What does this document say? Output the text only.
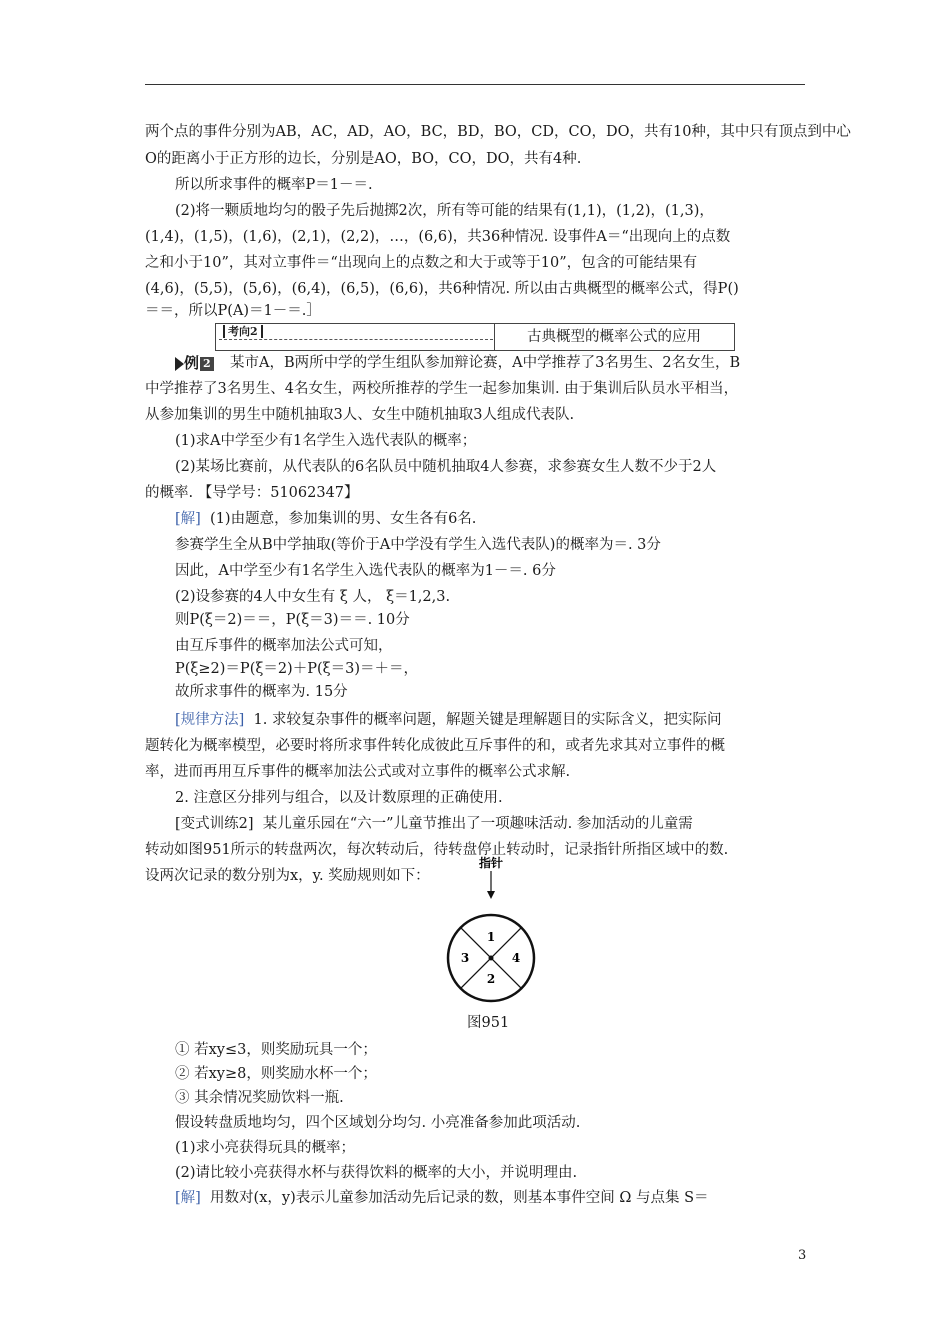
两个点的事件分别为AB，AC，AD，AO，BC，BD，BO，CD，CO，DO，共有10种，其中只有顶点到中心
O的距离小于正方形的边长，分别是AO，BO，CO，DO，共有4种.
所以所求事件的概率P＝1－＝.
(2)将一颗质地均匀的骰子先后抛掷2次，所有等可能的结果有(1,1)，(1,2)，(1,3)，
(1,4)，(1,5)，(1,6)，(2,1)，(2,2)，…，(6,6)，共36种情况. 设事件A＝“出现向上的点数
之和小于10”，其对立事件＝“出现向上的点数之和大于或等于10”，包含的可能结果有
(4,6)，(5,5)，(5,6)，(6,4)，(6,5)，(6,6)，共6种情况. 所以由古典概型的概率公式，得P()
＝＝，所以P(A)＝1－＝.］
考向2	古典概型的概率公式的应用
例 2 某市A，B两所中学的学生组队参加辩论赛，A中学推荐了3名男生、2名女生，B
中学推荐了3名男生、4名女生，两校所推荐的学生一起参加集训. 由于集训后队员水平相当，
从参加集训的男生中随机抽取3人、女生中随机抽取3人组成代表队.
(1)求A中学至少有1名学生入选代表队的概率；
(2)某场比赛前，从代表队的6名队员中随机抽取4人参赛，求参赛女生人数不少于2人
的概率. 【导学号：51062347】
[解]  (1)由题意，参加集训的男、女生各有6名.
参赛学生全从B中学抽取(等价于A中学没有学生入选代表队)的概率为＝. 3分
因此，A中学至少有1名学生入选代表队的概率为1－＝. 6分
(2)设参赛的4人中女生有 ξ 人， ξ＝1,2,3.
则P(ξ＝2)＝＝，P(ξ＝3)＝＝. 10分
由互斥事件的概率加法公式可知，
P(ξ≥2)＝P(ξ＝2)＋P(ξ＝3)＝＋＝，
故所求事件的概率为. 15分
[规律方法]  1. 求较复杂事件的概率问题，解题关键是理解题目的实际含义，把实际问
题转化为概率模型，必要时将所求事件转化成彼此互斥事件的和，或者先求其对立事件的概
率，进而再用互斥事件的概率加法公式或对立事件的概率公式求解.
2. 注意区分排列与组合，以及计数原理的正确使用.
[变式训练2]  某儿童乐园在“六一”儿童节推出了一项趣味活动. 参加活动的儿童需
转动如图951所示的转盘两次，每次转动后，待转盘停止转动时，记录指针所指区域中的数.
设两次记录的数分别为x，y. 奖励规则如下：
指针
1
4
2
3
图951
① 若xy≤3，则奖励玩具一个；
② 若xy≥8，则奖励水杯一个；
③ 其余情况奖励饮料一瓶.
假设转盘质地均匀，四个区域划分均匀. 小亮准备参加此项活动.
(1)求小亮获得玩具的概率；
(2)请比较小亮获得水杯与获得饮料的概率的大小，并说明理由.
[解]  用数对(x，y)表示儿童参加活动先后记录的数，则基本事件空间 Ω 与点集 S＝
3
